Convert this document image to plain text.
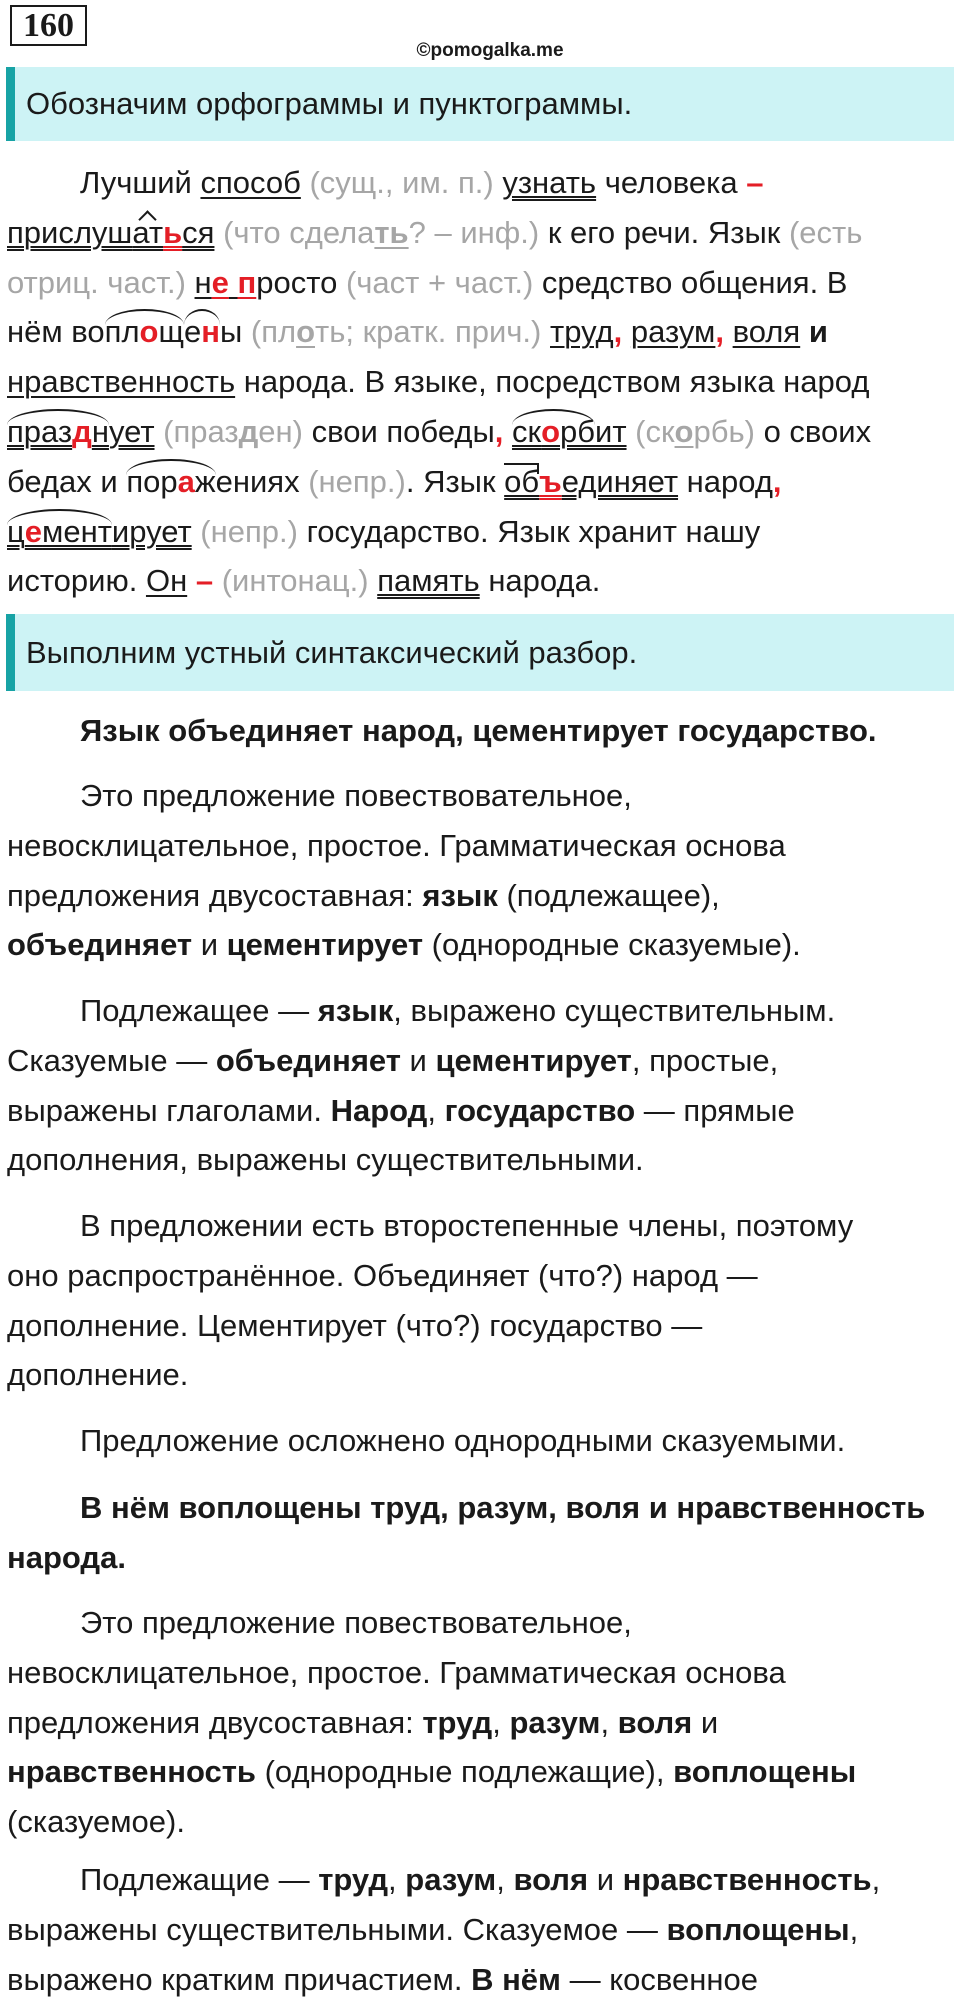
160
©pomogalka.me
Обозначим орфограммы и пунктограммы.
Выполним устный синтаксический разбор.
Лучший способ (сущ., им. п.) узнать человека –
прислушаться (что сделать? – инф.) к его речи. Язык (есть
отриц. част.) не просто (част + част.) средство общения. В
нём воплощены (плоть; кратк. прич.) труд, разум, воля и
нравственность народа. В языке, посредством языка народ
празднует (празден) свои победы, скорбит (скорбь) о своих
бедах и поражениях (непр.). Язык объединяет народ,
цементирует (непр.) государство. Язык хранит нашу
историю. Он – (интонац.) память народа.
Язык объединяет народ, цементирует государство.
Это предложение повествовательное,
невосклицательное, простое. Грамматическая основа
предложения двусоставная: язык (подлежащее),
объединяет и цементирует (однородные сказуемые).
Подлежащее — язык, выражено существительным.
Сказуемые — объединяет и цементирует, простые,
выражены глаголами. Народ, государство — прямые
дополнения, выражены существительными.
В предложении есть второстепенные члены, поэтому
оно распространённое. Объединяет (что?) народ —
дополнение. Цементирует (что?) государство —
дополнение.
Предложение осложнено однородными сказуемыми.
В нём воплощены труд, разум, воля и нравственность
народа.
Это предложение повествовательное,
невосклицательное, простое. Грамматическая основа
предложения двусоставная: труд, разум, воля и
нравственность (однородные подлежащие), воплощены
(сказуемое).
Подлежащие — труд, разум, воля и нравственность,
выражены существительными. Сказуемое — воплощены,
выражено кратким причастием. В нём — косвенное
